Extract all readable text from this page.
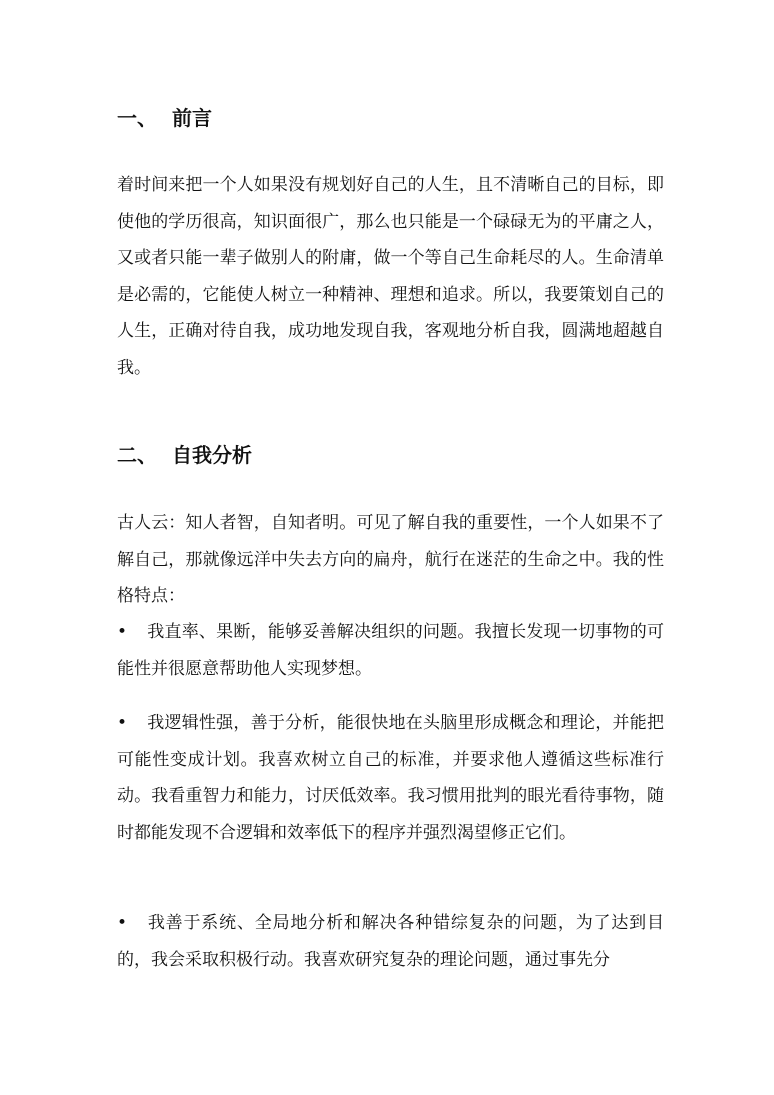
一、 前言

着时间来把一个人如果没有规划好自己的人生，且不清晰自己的目标，即使他的学历很高，知识面很广，那么也只能是一个碌碌无为的平庸之人，又或者只能一辈子做别人的附庸，做一个等自己生命耗尽的人。生命清单是必需的，它能使人树立一种精神、理想和追求。所以，我要策划自己的人生，正确对待自我，成功地发现自我，客观地分析自我，圆满地超越自我。

二、 自我分析

古人云：知人者智，自知者明。可见了解自我的重要性，一个人如果不了解自己，那就像远洋中失去方向的扁舟，航行在迷茫的生命之中。我的性格特点：

• 我直率、果断，能够妥善解决组织的问题。我擅长发现一切事物的可能性并很愿意帮助他人实现梦想。

• 我逻辑性强，善于分析，能很快地在头脑里形成概念和理论，并能把可能性变成计划。我喜欢树立自己的标准，并要求他人遵循这些标准行动。我看重智力和能力，讨厌低效率。我习惯用批判的眼光看待事物，随时都能发现不合逻辑和效率低下的程序并强烈渴望修正它们。

• 我善于系统、全局地分析和解决各种错综复杂的问题，为了达到目的，我会采取积极行动。我喜欢研究复杂的理论问题，通过事先分
